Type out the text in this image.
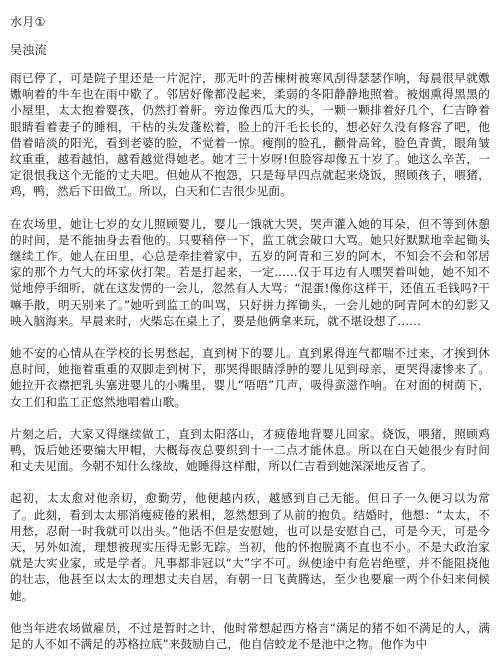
水月①
吴浊流

雨已停了，可是院子里还是一片泥泞，那无叶的苦楝树被寒风刮得瑟瑟作响，每晨很早就嫐嫐响着的牛车也在雨中歇了。邻居好像都没起来，柔弱的冬阳静静地照着。被烟熏得黑黑的小屋里，太太抱着婴孩，仍然打着鼾。旁边像西瓜大的头，一颗一颗排着好几个，仁吉睁着眼睛看着妻子的睡相，干枯的头发蓬松着，脸上的汗毛长长的，想必好久没有修容了吧，他借着暗淡的阳光，看到老婆的脸，不觉着一惊。瘦削的脸孔，颧骨高耸，脸色青黄，眼角皱纹重重，越看越怕，越看越觉得她老。她才三十岁呀!但脸容却像五十岁了。她这么辛苦，一定很恨我这个无能的丈夫吧。但她从不抱怨，只是每早四点就起来烧饭，照顾孩子，喂猪，鸡，鸭，然后下田做工。所以，白天和仁吉很少见面。

在农场里，她让七岁的女儿照顾婴儿，婴儿一饿就大哭，哭声灌入她的耳朵，但不等到休憩的时间，是不能抽身去看他的。只要稍停一下，监工就会破口大骂。她只好默默地幸起锄头继续工作。她人在田里，心总是牵挂着家中，五岁的阿青和三岁的阿木，不知会不会和邻居家的那个力气大的坏家伙打架。若是打起来，一定……仅于耳边有人嘿哭着叫她，她不知不觉地停手细听，就在这发愣的一会儿，忽然有人大骂：“混蛋!像你这样干，还值五毛钱吗?干嘛手散，明天别来了。”她听到监工的叫骂，只好拼力挥锄头，一会儿她的阿青阿木的幻影又映入脑海来。早晨来时，火柴忘在桌上了，要是他俩拿来玩，就不堪设想了……

她不安的心情从在学校的长男愁起，直到树下的婴儿。直到累得连气都喘不过来，才挨到休息时间，她拖着重重的双脚走到树下，那哭得眼睛浮肿的婴儿见到母亲，更哭得凄惨来了。她拉开衣襟把乳头塞进婴儿的小嘴里，婴儿“唔唔”几声，吸得蛮滋作响。在对面的树荫下，女工们和监工正悠然地唱着山歌。

片刻之后，大家又得继续做工，直到太阳落山，才疲倦地背婴儿回家。烧饭，喂猪，照顾鸡鸭，饭后她还要编大甲帽，大概每夜总要织到十一二点才能休息。所以在白天她很少有时间和丈夫见面。今朝不知什么缘故，她睡得这样酣，所以仁吉看到她深深地反省了。

起初，太太愈对他亲切，愈勤劳，他便越内疚，越感到自己无能。但日子一久便习以为常了。此刻，看到太太那消瘦疲倦的累相，忽然想到了从前的抱负。结婚时，他想：“太太，不用愁，忍耐一时我就可以出头。”他话不但是安慰她，也可以是安慰自己，可是今天，可是今天，另外如流，理想被现实压得无影无踪。当初，他的怀抱脱离不直也不小。不是大政治家就是大实业家，或是学者。凡事都非冠以“大”字不可。纵使途中有危岩绝壁，并不能阻挠他的壮志，他甚至以太太的理想丈夫自居，有朝一日飞黄腾达，至少也要雇一两个仆妇来伺候她。

他当年进农场做雇员，不过是暂时之计，他时常想起西方格言“满足的猪不如不满足的人，满足的人不如不满足的苏格拉底”来鼓励自己，他自信蛟龙不是池中之物。他作为中
